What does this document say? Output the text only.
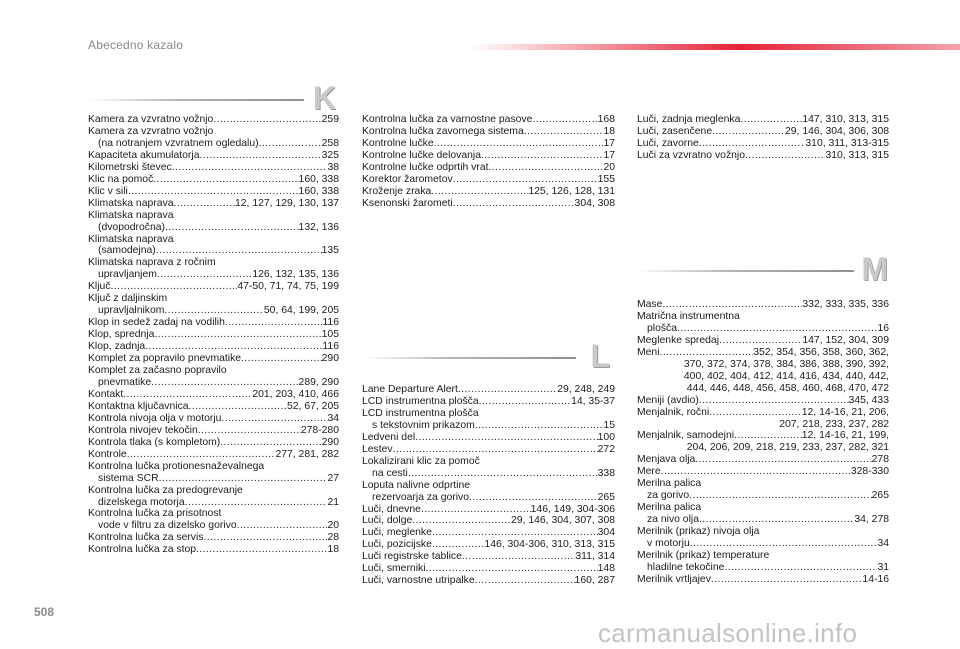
Abecedno kazalo
K
L
M
Kamera za vzvratno vožnjo .....	259
Kamera za vzvratno vožnjo
(na notranjem vzvratnem ogledalu) .....	258
Kapaciteta akumulatorja .....	325
Kilometrski števec .....	38
Klic na pomoč .....	160, 338
Klic v sili .....	160, 338
Klimatska naprava .....	12, 127, 129, 130, 137
Klimatska naprava
(dvopodročna) .....	132, 136
Klimatska naprava
(samodejna) .....	135
Klimatska naprava z ročnim
upravljanjem .....	126, 132, 135, 136
Ključ .....	47-50, 71, 74, 75, 199
Ključ z daljinskim
upravljalnikom .....	50, 64, 199, 205
Klop in sedež zadaj na vodilih .....	116
Klop, sprednja .....	105
Klop, zadnja .....	116
Komplet za popravilo pnevmatike .....	290
Komplet za začasno popravilo
pnevmatike .....	289, 290
Kontakt .....	201, 203, 410, 466
Kontaktna ključavnica .....	52, 67, 205
Kontrola nivoja olja v motorju .....	34
Kontrola nivojev tekočin .....	278-280
Kontrola tlaka (s kompletom) .....	290
Kontrole .....	277, 281, 282
Kontrolna lučka protionesnaževalnega
sistema SCR .....	27
Kontrolna lučka za predogrevanje
dizelskega motorja .....	21
Kontrolna lučka za prisotnost
vode v filtru za dizelsko gorivo .....	20
Kontrolna lučka za servis .....	28
Kontrolna lučka za stop .....	18
Kontrolna lučka za varnostne pasove .....	168
Kontrolna lučka zavornega sistema .....	18
Kontrolne lučke .....	17
Kontrolne lučke delovanja .....	17
Kontrolne lučke odprtih vrat .....	20
Korektor žarometov .....	155
Kroženje zraka .....	125, 126, 128, 131
Ksenonski žarometi .....	304, 308
Lane Departure Alert .....	29, 248, 249
LCD instrumentna plošča .....	14, 35-37
LCD instrumentna plošča
s tekstovnim prikazom .....	15
Ledveni del .....	100
Lestev .....	272
Lokalizirani klic za pomoč
na cesti .....	338
Loputa nalivne odprtine
rezervoarja za gorivo .....	265
Luči, dnevne .....	146, 149, 304-306
Luči, dolge .....	29, 146, 304, 307, 308
Luči, meglenke .....	304
Luči, pozicijske .....	146, 304-306, 310, 313, 315
Luči registrske tablice .....	311, 314
Luči, smerniki .....	148
Luči, varnostne utripalke .....	160, 287
Luči, zadnja meglenka .....	147, 310, 313, 315
Luči, zasenčene .....	29, 146, 304, 306, 308
Luči, zavorne .....	310, 311, 313-315
Luči za vzvratno vožnjo .....	310, 313, 315
Mase .....	332, 333, 335, 336
Matrična instrumentna
plošča .....	16
Meglenke spredaj .....	147, 152, 304, 309
Meni .....	352, 354, 356, 358, 360, 362,
370, 372, 374, 378, 384, 386, 388, 390, 392,
400, 402, 404, 412, 414, 416, 434, 440, 442,
444, 446, 448, 456, 458, 460, 468, 470, 472
Meniji (avdio) .....	345, 433
Menjalnik, ročni .....	12, 14-16, 21, 206,
207, 218, 233, 237, 282
Menjalnik, samodejni .....	12, 14-16, 21, 199,
204, 206, 209, 218, 219, 233, 237, 282, 321
Menjava olja .....	278
Mere .....	328-330
Merilna palica
za gorivo .....	265
Merilna palica
za nivo olja .....	34, 278
Merilnik (prikaz) nivoja olja
v motorju .....	34
Merilnik (prikaz) temperature
hladilne tekočine .....	31
Merilnik vrtljajev .....	14-16
508
carmanualsonline.info
